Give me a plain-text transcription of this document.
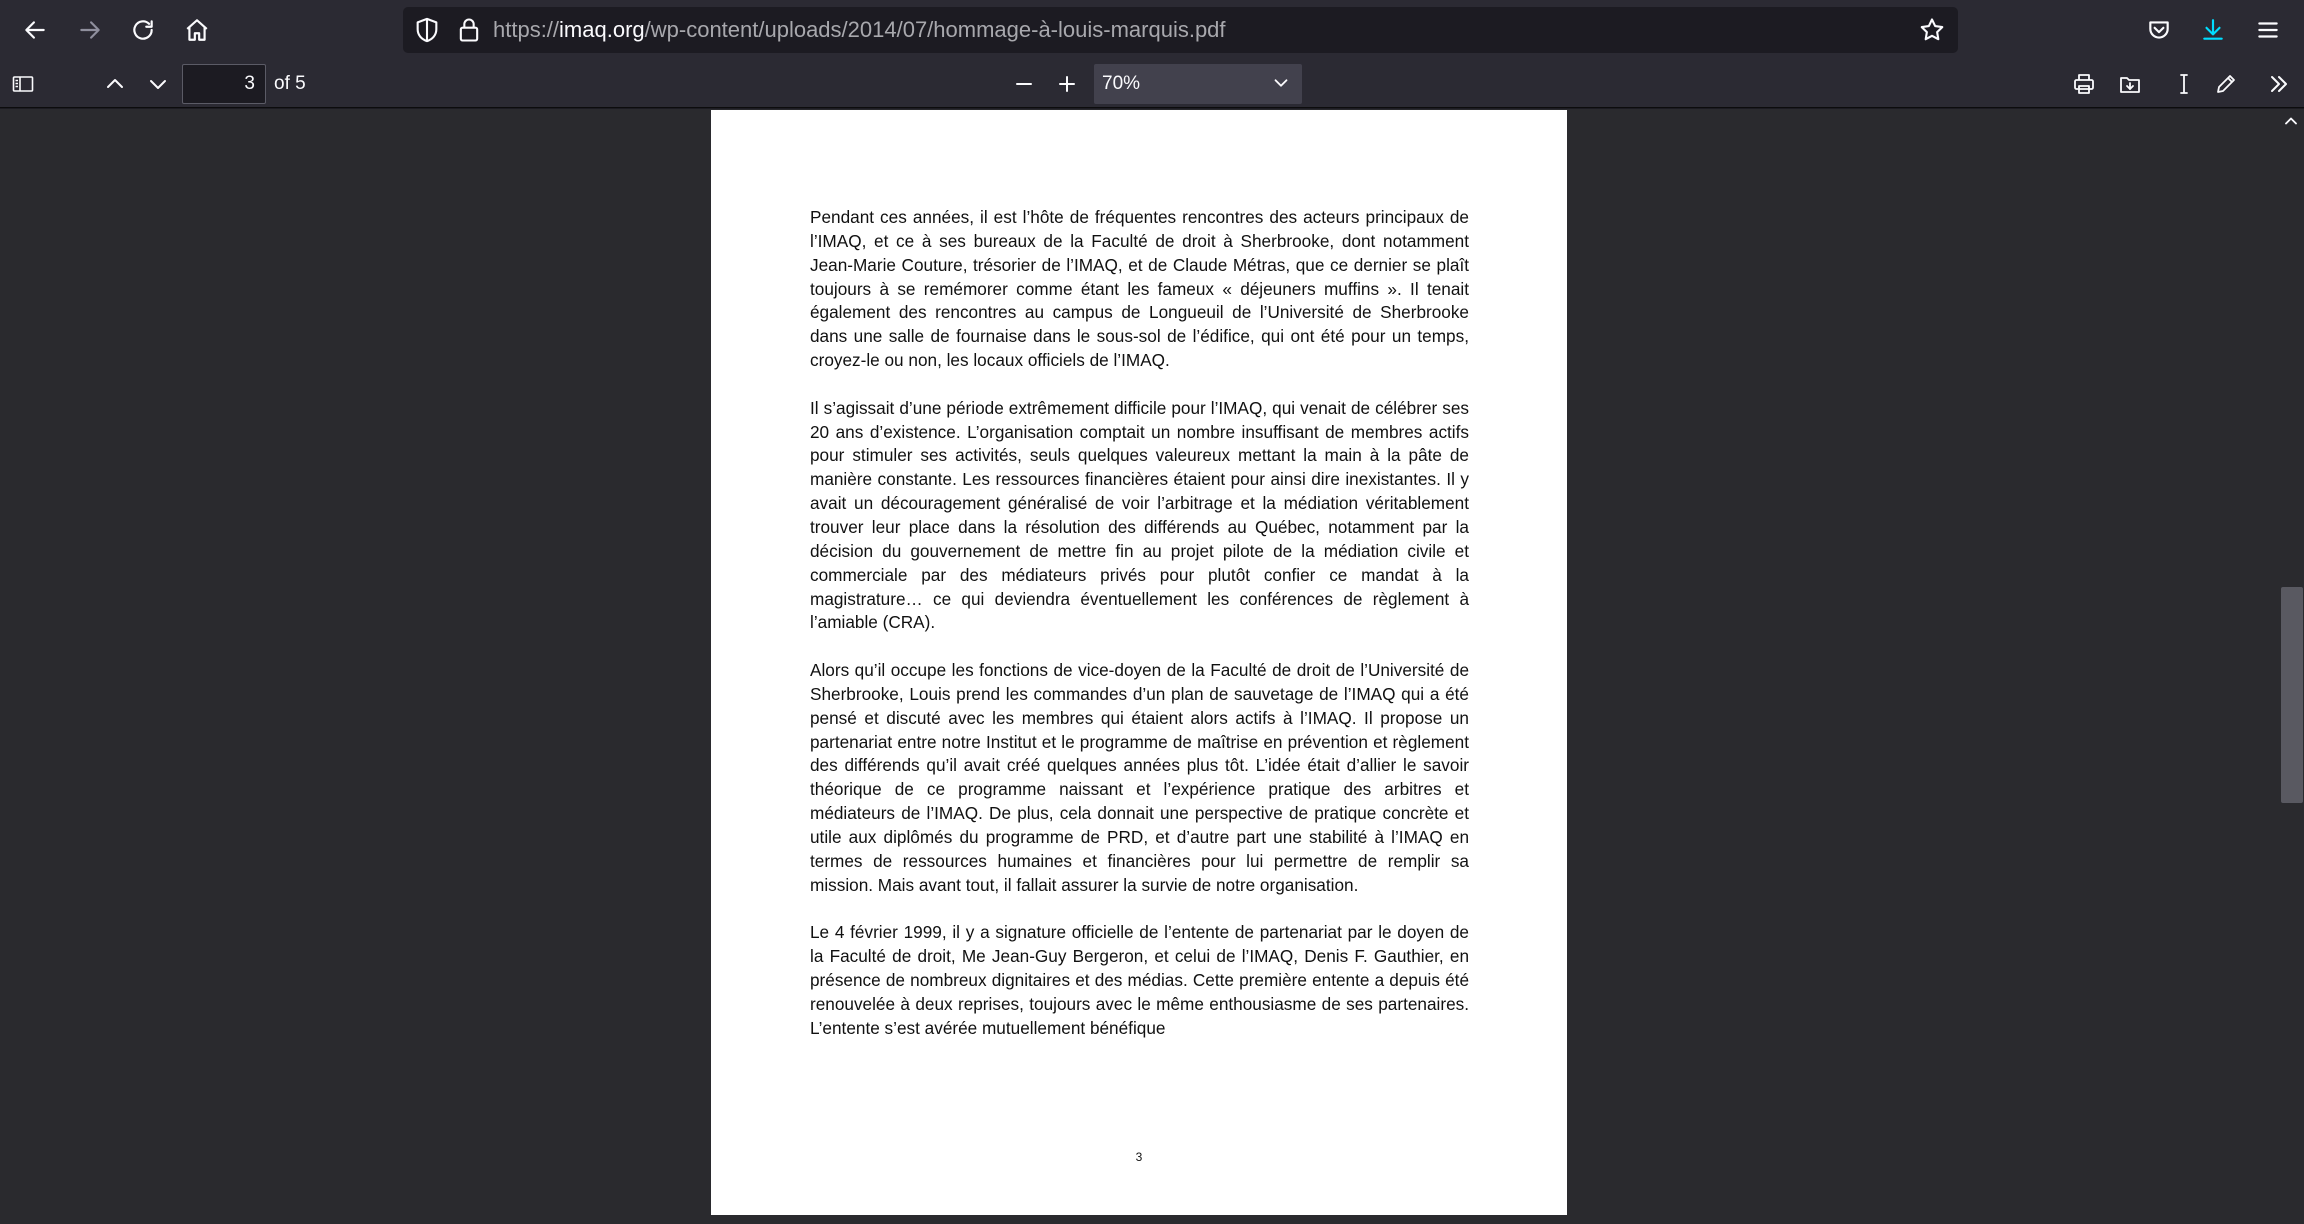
https://imaq.org/wp-content/uploads/2014/07/hommage-à-louis-marquis.pdf
3	of 5	70%

Pendant ces années, il est l’hôte de fréquentes rencontres des acteurs principaux de l’IMAQ, et ce à ses bureaux de la Faculté de droit à Sherbrooke, dont notamment Jean-Marie Couture, trésorier de l’IMAQ, et de Claude Métras, que ce dernier se plaît toujours à se remémorer comme étant les fameux « déjeuners muffins ». Il tenait également des rencontres au campus de Longueuil de l’Université de Sherbrooke dans une salle de fournaise dans le sous-sol de l’édifice, qui ont été pour un temps, croyez-le ou non, les locaux officiels de l’IMAQ.

Il s’agissait d’une période extrêmement difficile pour l’IMAQ, qui venait de célébrer ses 20 ans d’existence. L’organisation comptait un nombre insuffisant de membres actifs pour stimuler ses activités, seuls quelques valeureux mettant la main à la pâte de manière constante. Les ressources financières étaient pour ainsi dire inexistantes. Il y avait un découragement généralisé de voir l’arbitrage et la médiation véritablement trouver leur place dans la résolution des différends au Québec, notamment par la décision du gouvernement de mettre fin au projet pilote de la médiation civile et commerciale par des médiateurs privés pour plutôt confier ce mandat à la magistrature… ce qui deviendra éventuellement les conférences de règlement à l’amiable (CRA).

Alors qu’il occupe les fonctions de vice-doyen de la Faculté de droit de l’Université de Sherbrooke, Louis prend les commandes d’un plan de sauvetage de l’IMAQ qui a été pensé et discuté avec les membres qui étaient alors actifs à l’IMAQ. Il propose un partenariat entre notre Institut et le programme de maîtrise en prévention et règlement des différends qu’il avait créé quelques années plus tôt. L’idée était d’allier le savoir théorique de ce programme naissant et l’expérience pratique des arbitres et médiateurs de l’IMAQ. De plus, cela donnait une perspective de pratique concrète et utile aux diplômés du programme de PRD, et d’autre part une stabilité à l’IMAQ en termes de ressources humaines et financières pour lui permettre de remplir sa mission. Mais avant tout, il fallait assurer la survie de notre organisation.

Le 4 février 1999, il y a signature officielle de l’entente de partenariat par le doyen de la Faculté de droit, Me Jean-Guy Bergeron, et celui de l’IMAQ, Denis F. Gauthier, en présence de nombreux dignitaires et des médias. Cette première entente a depuis été renouvelée à deux reprises, toujours avec le même enthousiasme de ses partenaires. L’entente s’est avérée mutuellement bénéfique

3
